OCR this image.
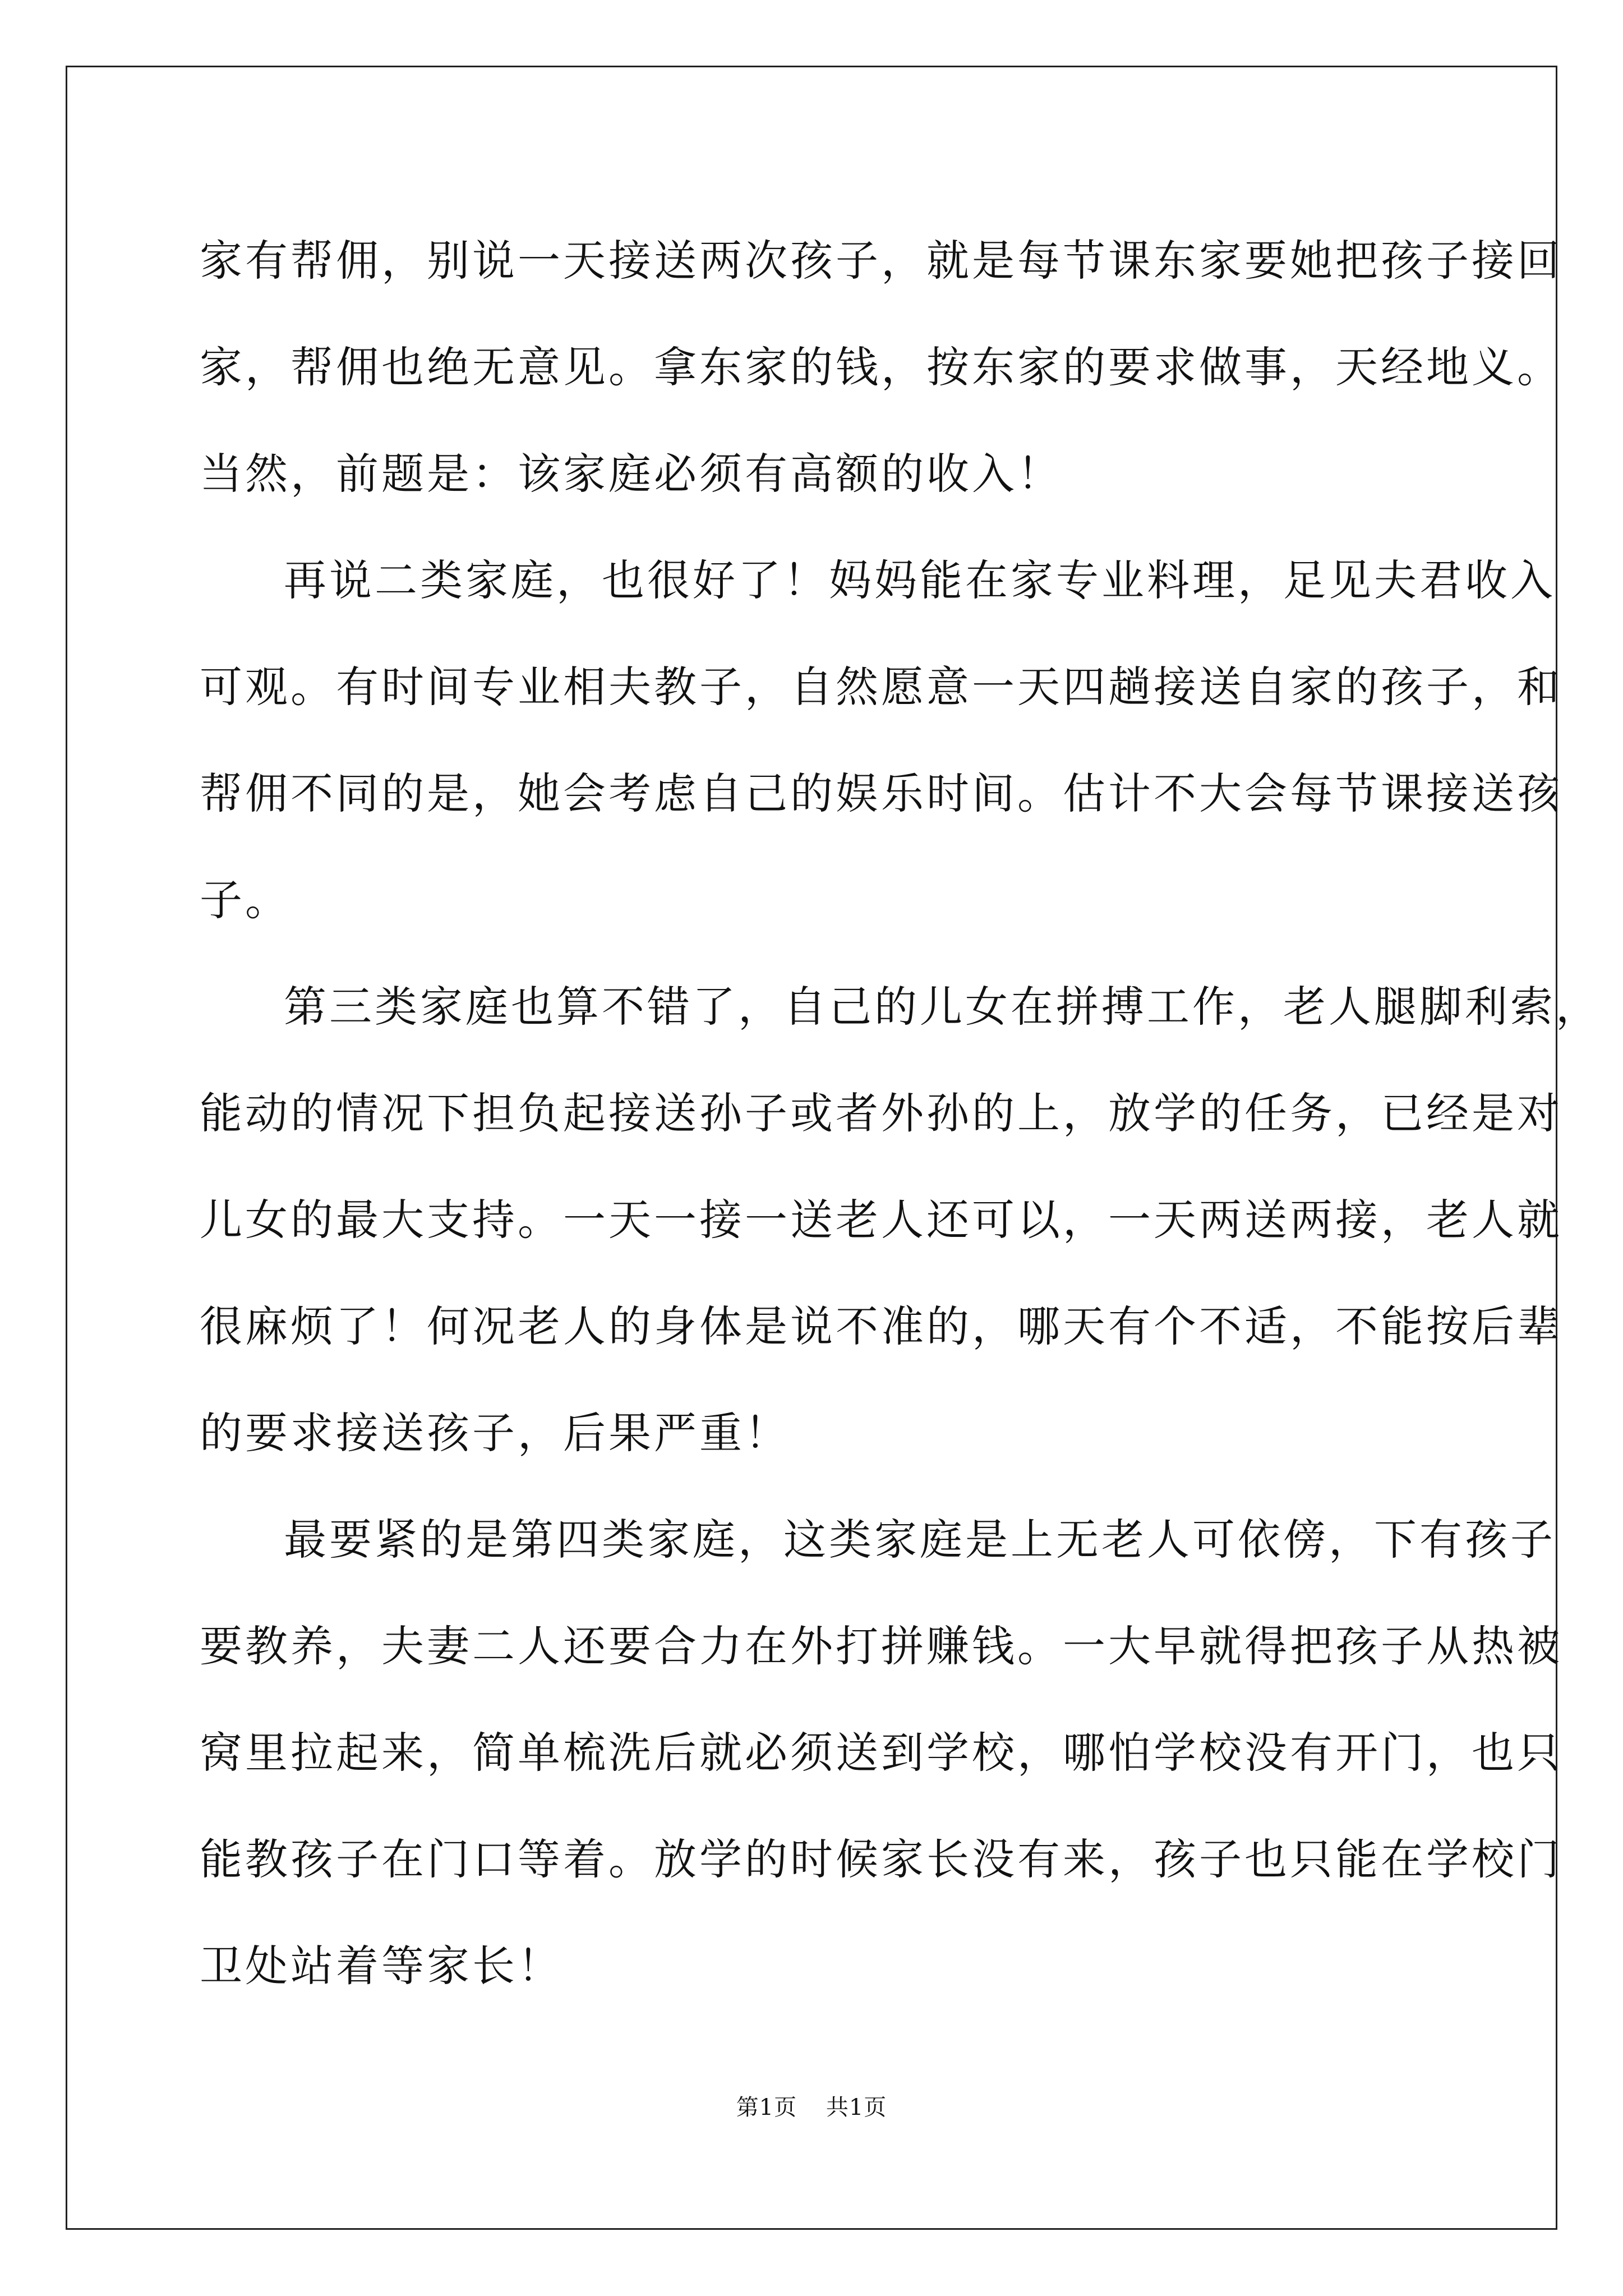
家有帮佣，别说一天接送两次孩子，就是每节课东家要她把孩子接回
家，帮佣也绝无意见。拿东家的钱，按东家的要求做事，天经地义。
当然，前题是：该家庭必须有高额的收入！
再说二类家庭，也很好了！妈妈能在家专业料理，足见夫君收入
可观。有时间专业相夫教子，自然愿意一天四趟接送自家的孩子，和
帮佣不同的是，她会考虑自己的娱乐时间。估计不大会每节课接送孩
子。
第三类家庭也算不错了，自己的儿女在拼搏工作，老人腿脚利索，
能动的情况下担负起接送孙子或者外孙的上，放学的任务，已经是对
儿女的最大支持。一天一接一送老人还可以，一天两送两接，老人就
很麻烦了！何况老人的身体是说不准的，哪天有个不适，不能按后辈
的要求接送孩子，后果严重！
最要紧的是第四类家庭，这类家庭是上无老人可依傍，下有孩子
要教养，夫妻二人还要合力在外打拼赚钱。一大早就得把孩子从热被
窝里拉起来，简单梳洗后就必须送到学校，哪怕学校没有开门，也只
能教孩子在门口等着。放学的时候家长没有来，孩子也只能在学校门
卫处站着等家长！
第1页 共1页
